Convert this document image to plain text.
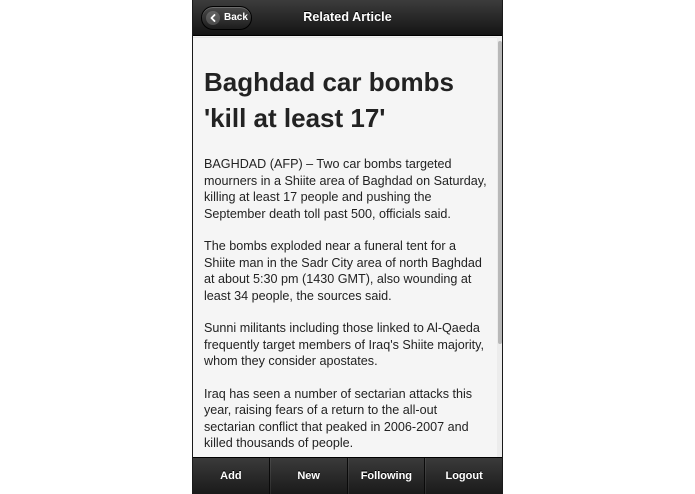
Back	Related Article
Baghdad car bombs 'kill at least 17'

BAGHDAD (AFP) – Two car bombs targeted mourners in a Shiite area of Baghdad on Saturday, killing at least 17 people and pushing the September death toll past 500, officials said.

The bombs exploded near a funeral tent for a Shiite man in the Sadr City area of north Baghdad at about 5:30 pm (1430 GMT), also wounding at least 34 people, the sources said.

Sunni militants including those linked to Al-Qaeda frequently target members of Iraq's Shiite majority, whom they consider apostates.

Iraq has seen a number of sectarian attacks this year, raising fears of a return to the all-out sectarian conflict that peaked in 2006-2007 and killed thousands of people.

Add	New	Following	Logout
